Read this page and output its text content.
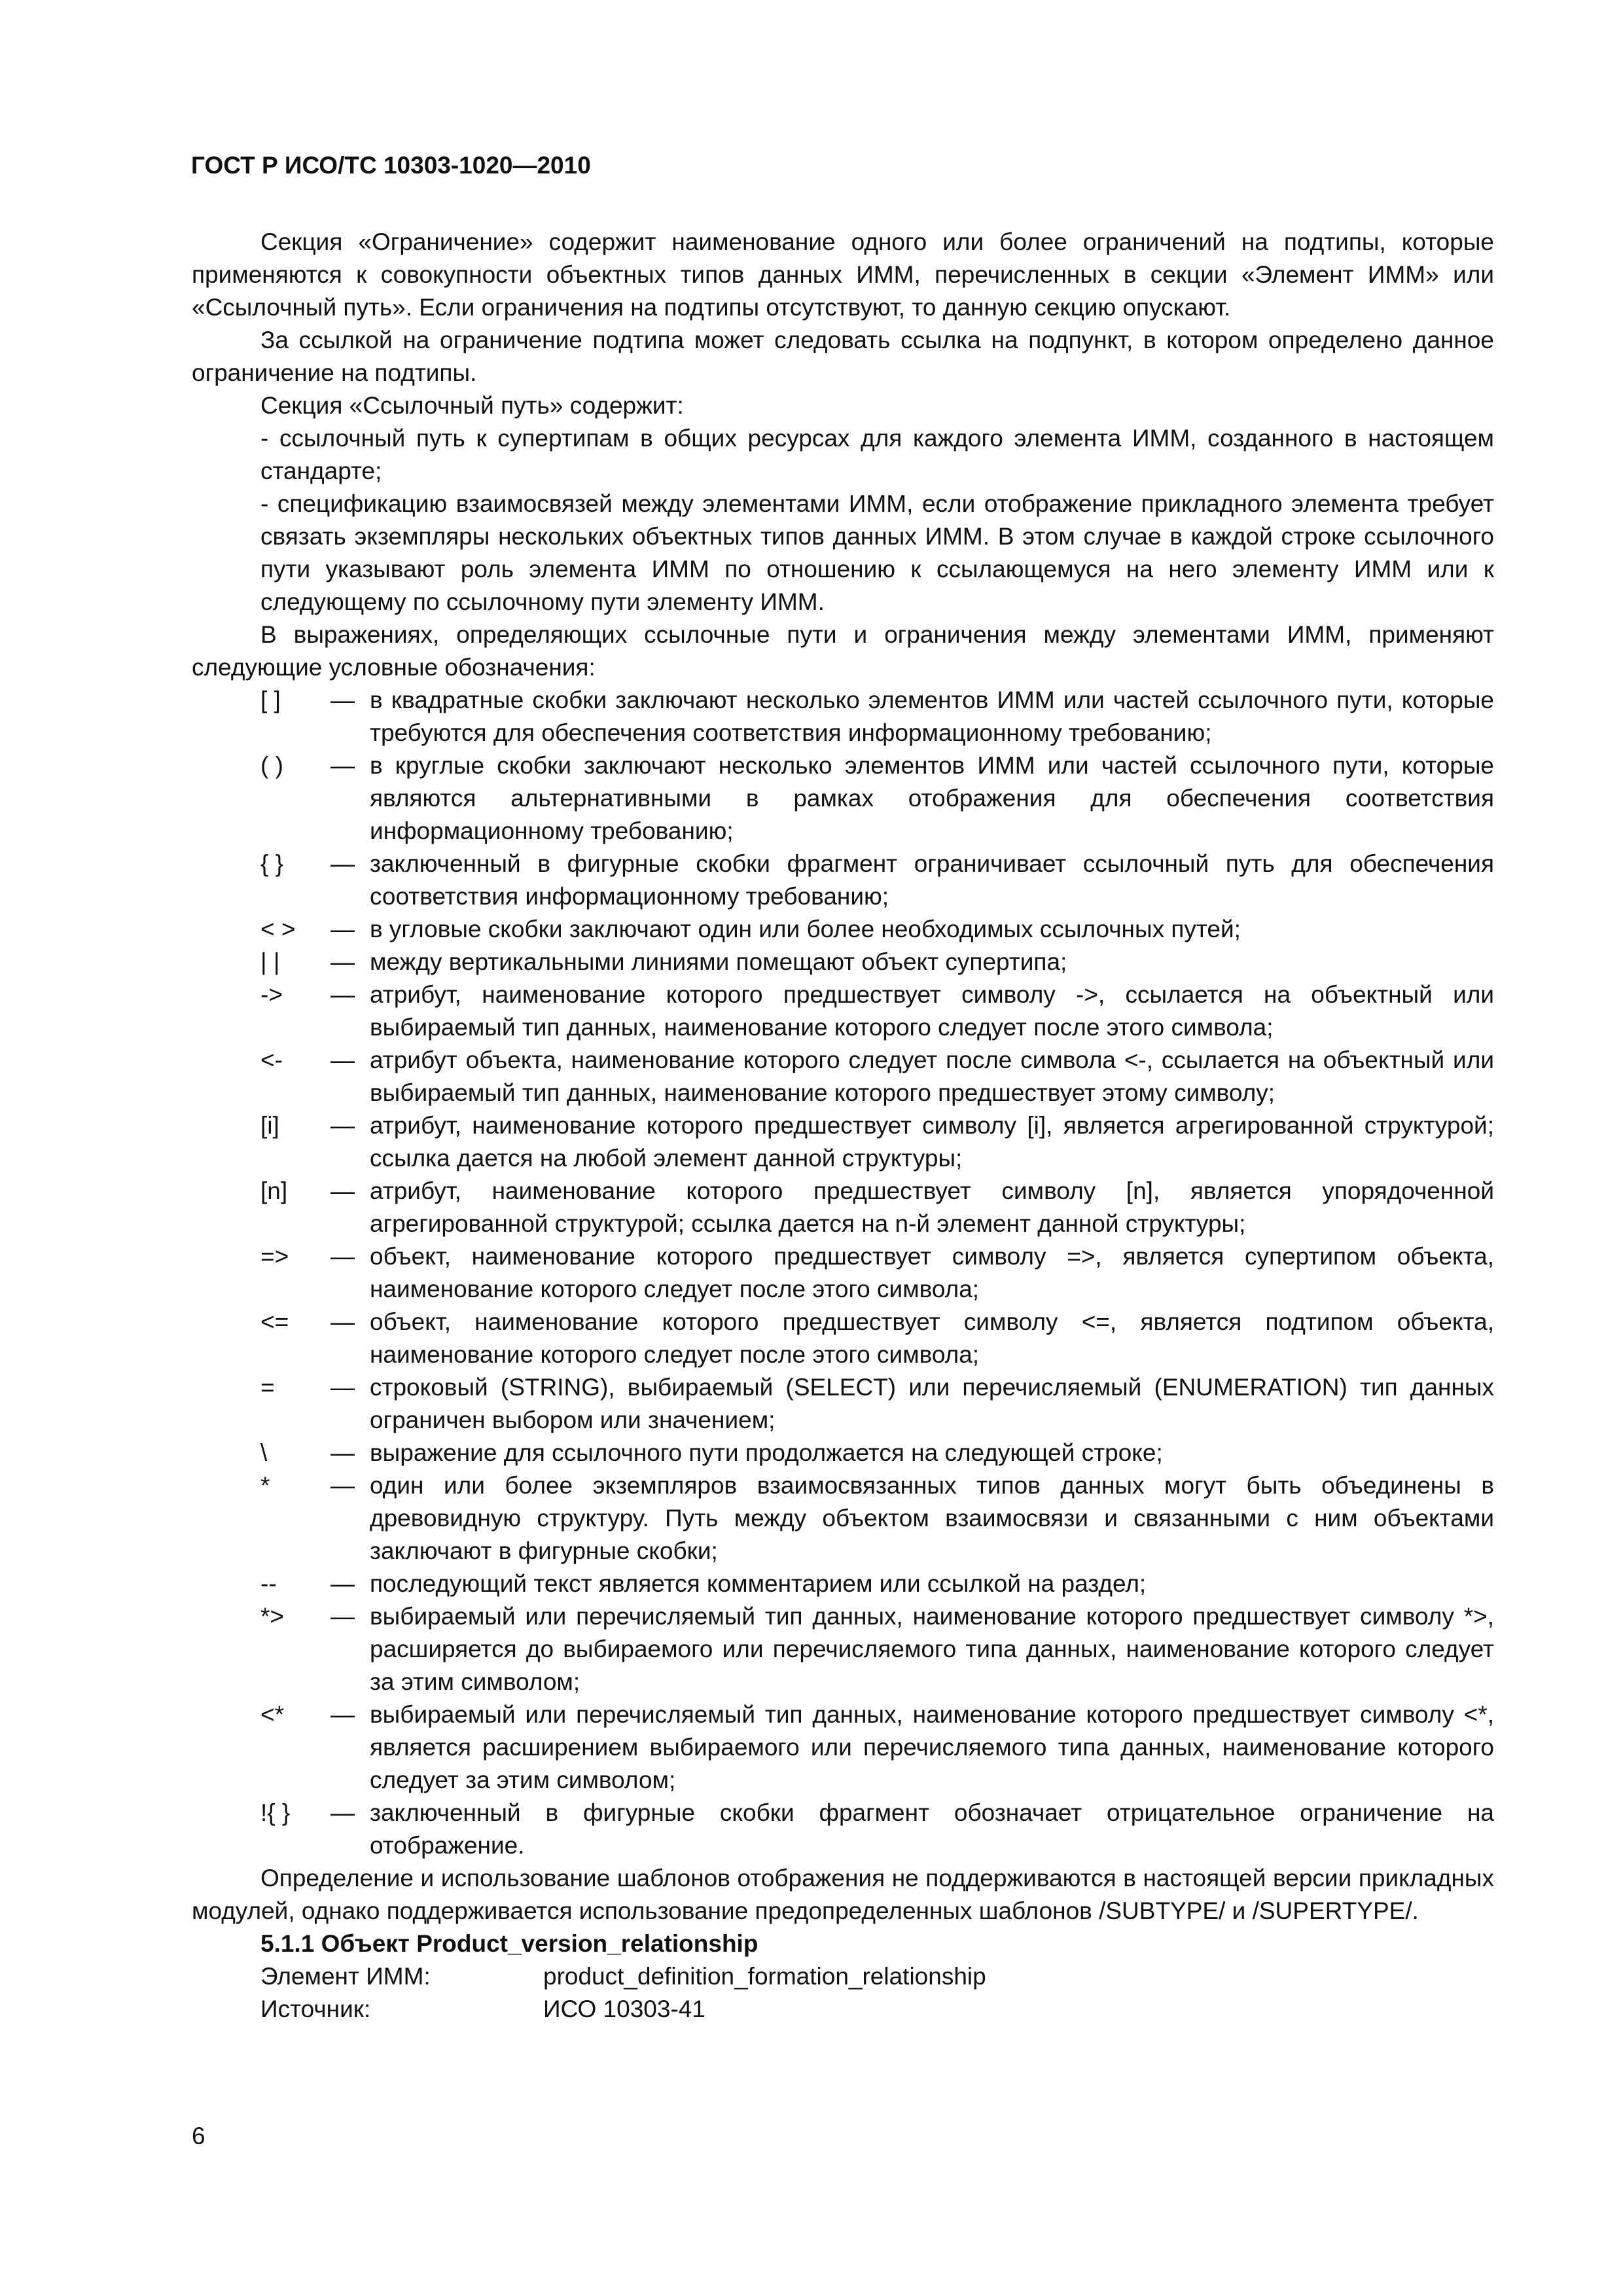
ГОСТ Р ИСО/ТС 10303-1020—2010

Секция «Ограничение» содержит наименование одного или более ограничений на подтипы, которые применяются к совокупности объектных типов данных ИММ, перечисленных в секции «Элемент ИММ» или «Ссылочный путь». Если ограничения на подтипы отсутствуют, то данную секцию опускают.

За ссылкой на ограничение подтипа может следовать ссылка на подпункт, в котором определено данное ограничение на подтипы.

Секция «Ссылочный путь» содержит:

- ссылочный путь к супертипам в общих ресурсах для каждого элемента ИММ, созданного в настоящем стандарте;

- спецификацию взаимосвязей между элементами ИММ, если отображение прикладного элемента требует связать экземпляры нескольких объектных типов данных ИММ. В этом случае в каждой строке ссылочного пути указывают роль элемента ИММ по отношению к ссылающемуся на него элементу ИММ или к следующему по ссылочному пути элементу ИММ.

В выражениях, определяющих ссылочные пути и ограничения между элементами ИММ, применяют следующие условные обозначения:

[ ]	— в квадратные скобки заключают несколько элементов ИММ или частей ссылочного пути, которые требуются для обеспечения соответствия информационному требованию;
( )	— в круглые скобки заключают несколько элементов ИММ или частей ссылочного пути, которые являются альтернативными в рамках отображения для обеспечения соответствия информационному требованию;
{ }	— заключенный в фигурные скобки фрагмент ограничивает ссылочный путь для обеспечения соответствия информационному требованию;
< >	— в угловые скобки заключают один или более необходимых ссылочных путей;
| |	— между вертикальными линиями помещают объект супертипа;
->	— атрибут, наименование которого предшествует символу ->, ссылается на объектный или выбираемый тип данных, наименование которого следует после этого символа;
<-	— атрибут объекта, наименование которого следует после символа <-, ссылается на объектный или выбираемый тип данных, наименование которого предшествует этому символу;
[i]	— атрибут, наименование которого предшествует символу [i], является агрегированной структурой; ссылка дается на любой элемент данной структуры;
[n]	— атрибут, наименование которого предшествует символу [n], является упорядоченной агрегированной структурой; ссылка дается на n-й элемент данной структуры;
=>	— объект, наименование которого предшествует символу =>, является супертипом объекта, наименование которого следует после этого символа;
<=	— объект, наименование которого предшествует символу <=, является подтипом объекта, наименование которого следует после этого символа;
=	— строковый (STRING), выбираемый (SELECT) или перечисляемый (ENUMERATION) тип данных ограничен выбором или значением;
\	— выражение для ссылочного пути продолжается на следующей строке;
*	— один или более экземпляров взаимосвязанных типов данных могут быть объединены в древовидную структуру. Путь между объектом взаимосвязи и связанными с ним объектами заключают в фигурные скобки;
--	— последующий текст является комментарием или ссылкой на раздел;
*>	— выбираемый или перечисляемый тип данных, наименование которого предшествует символу *>, расширяется до выбираемого или перечисляемого типа данных, наименование которого следует за этим символом;
<*	— выбираемый или перечисляемый тип данных, наименование которого предшествует символу <*, является расширением выбираемого или перечисляемого типа данных, наименование которого следует за этим символом;
!{ }	— заключенный в фигурные скобки фрагмент обозначает отрицательное ограничение на отображение.

Определение и использование шаблонов отображения не поддерживаются в настоящей версии прикладных модулей, однако поддерживается использование предопределенных шаблонов /SUBTYPE/ и /SUPERTYPE/.

5.1.1 Объект Product_version_relationship

Элемент ИММ:	product_definition_formation_relationship
Источник:	ИСО 10303-41
6
